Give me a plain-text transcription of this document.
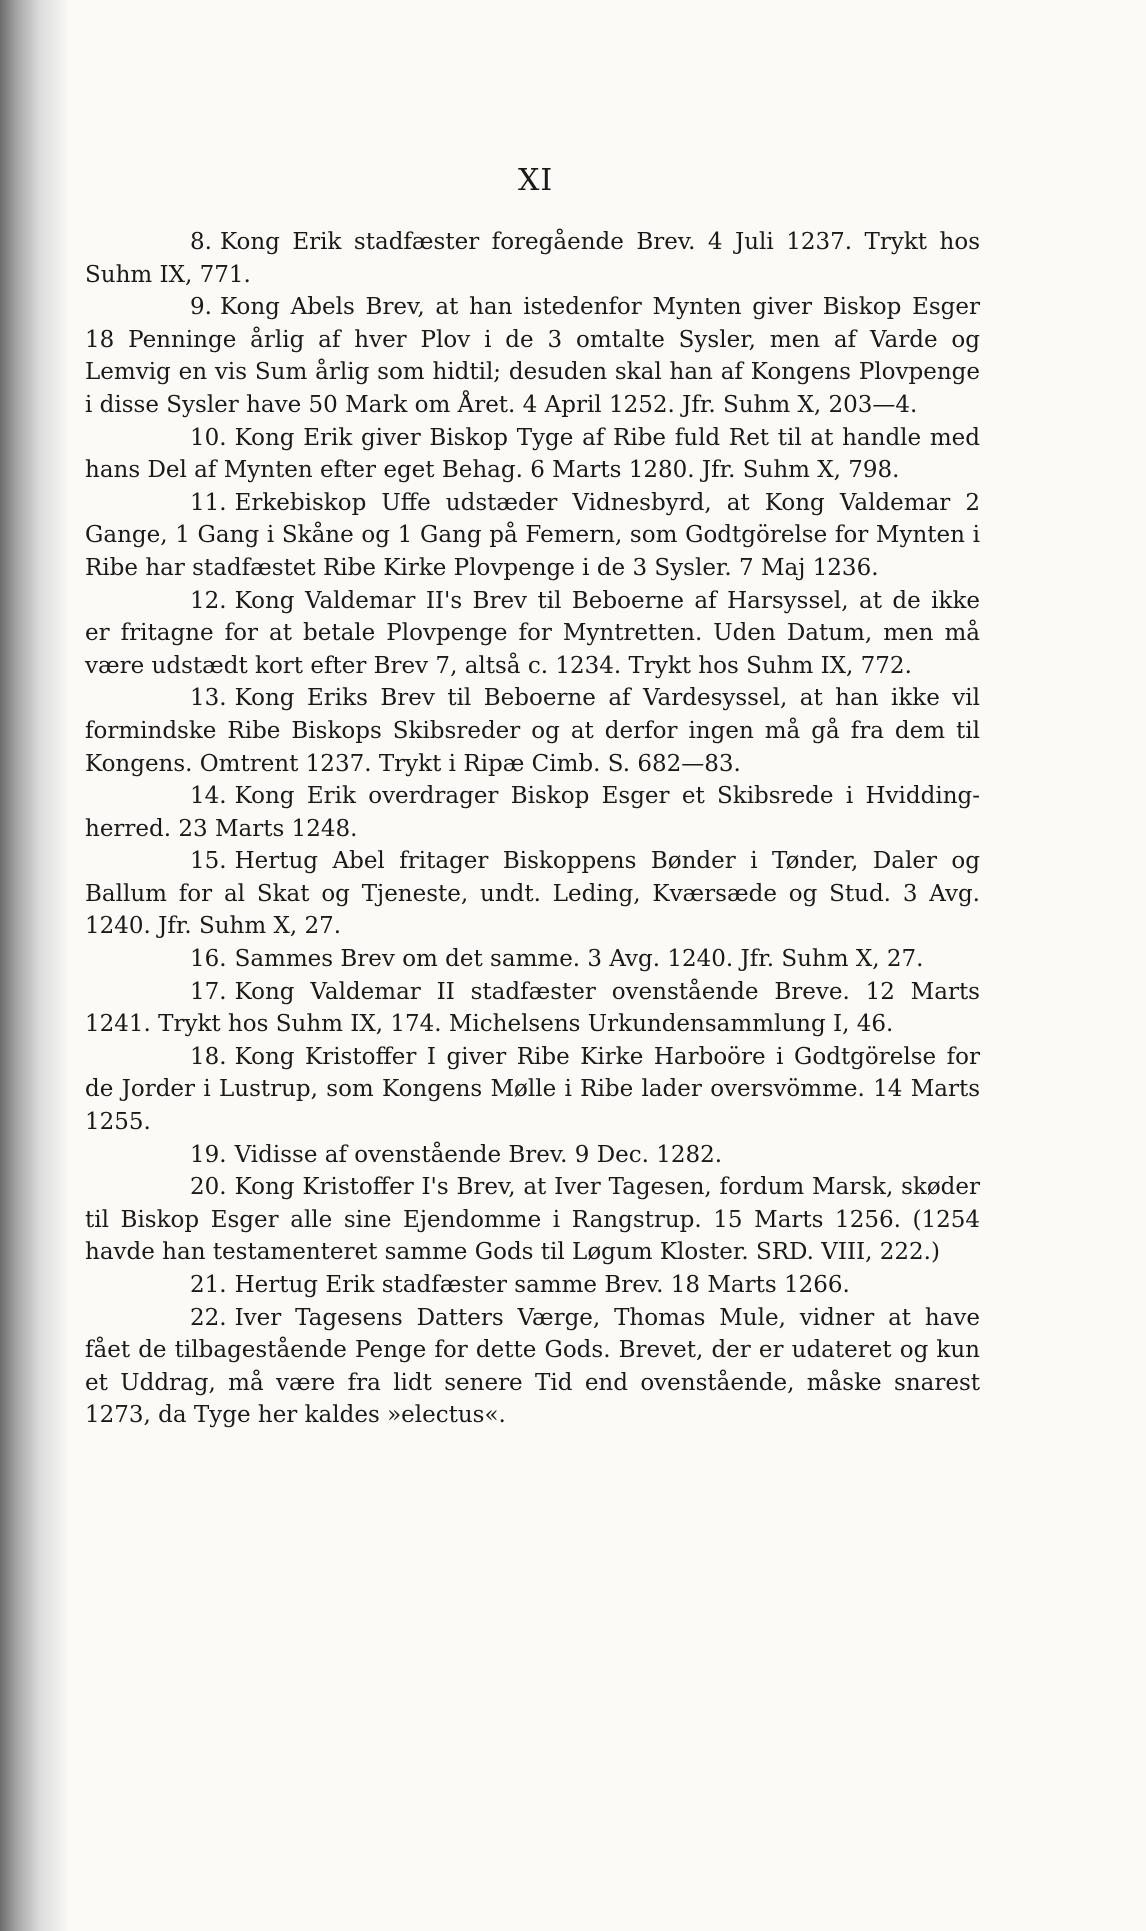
XI

8. Kong Erik stadfæster foregående Brev. 4 Juli 1237. Trykt hos Suhm IX, 771.

9. Kong Abels Brev, at han istedenfor Mynten giver Biskop Esger 18 Penninge årlig af hver Plov i de 3 omtalte Sysler, men af Varde og Lemvig en vis Sum årlig som hidtil; desuden skal han af Kongens Plovpenge i disse Sysler have 50 Mark om Året. 4 April 1252. Jfr. Suhm X, 203—4.

10. Kong Erik giver Biskop Tyge af Ribe fuld Ret til at handle med hans Del af Mynten efter eget Behag. 6 Marts 1280. Jfr. Suhm X, 798.

11. Erkebiskop Uffe udstæder Vidnesbyrd, at Kong Valdemar 2 Gange, 1 Gang i Skåne og 1 Gang på Femern, som Godtgörelse for Mynten i Ribe har stadfæstet Ribe Kirke Plovpenge i de 3 Sysler. 7 Maj 1236.

12. Kong Valdemar II's Brev til Beboerne af Harsyssel, at de ikke er fritagne for at betale Plovpenge for Myntretten. Uden Datum, men må være udstædt kort efter Brev 7, altså c. 1234. Trykt hos Suhm IX, 772.

13. Kong Eriks Brev til Beboerne af Vardesyssel, at han ikke vil formindske Ribe Biskops Skibsreder og at derfor ingen må gå fra dem til Kongens. Omtrent 1237. Trykt i Ripæ Cimb. S. 682—83.

14. Kong Erik overdrager Biskop Esger et Skibsrede i Hvidding-herred. 23 Marts 1248.

15. Hertug Abel fritager Biskoppens Bønder i Tønder, Daler og Ballum for al Skat og Tjeneste, undt. Leding, Kværsæde og Stud. 3 Avg. 1240. Jfr. Suhm X, 27.

16. Sammes Brev om det samme. 3 Avg. 1240. Jfr. Suhm X, 27.

17. Kong Valdemar II stadfæster ovenstående Breve. 12 Marts 1241. Trykt hos Suhm IX, 174. Michelsens Urkundensammlung I, 46.

18. Kong Kristoffer I giver Ribe Kirke Harboöre i Godtgörelse for de Jorder i Lustrup, som Kongens Mølle i Ribe lader oversvömme. 14 Marts 1255.

19. Vidisse af ovenstående Brev. 9 Dec. 1282.

20. Kong Kristoffer I's Brev, at Iver Tagesen, fordum Marsk, skøder til Biskop Esger alle sine Ejendomme i Rangstrup. 15 Marts 1256. (1254 havde han testamenteret samme Gods til Løgum Kloster. SRD. VIII, 222.)

21. Hertug Erik stadfæster samme Brev. 18 Marts 1266.

22. Iver Tagesens Datters Værge, Thomas Mule, vidner at have fået de tilbagestående Penge for dette Gods. Brevet, der er udateret og kun et Uddrag, må være fra lidt senere Tid end ovenstående, måske snarest 1273, da Tyge her kaldes »electus«.
